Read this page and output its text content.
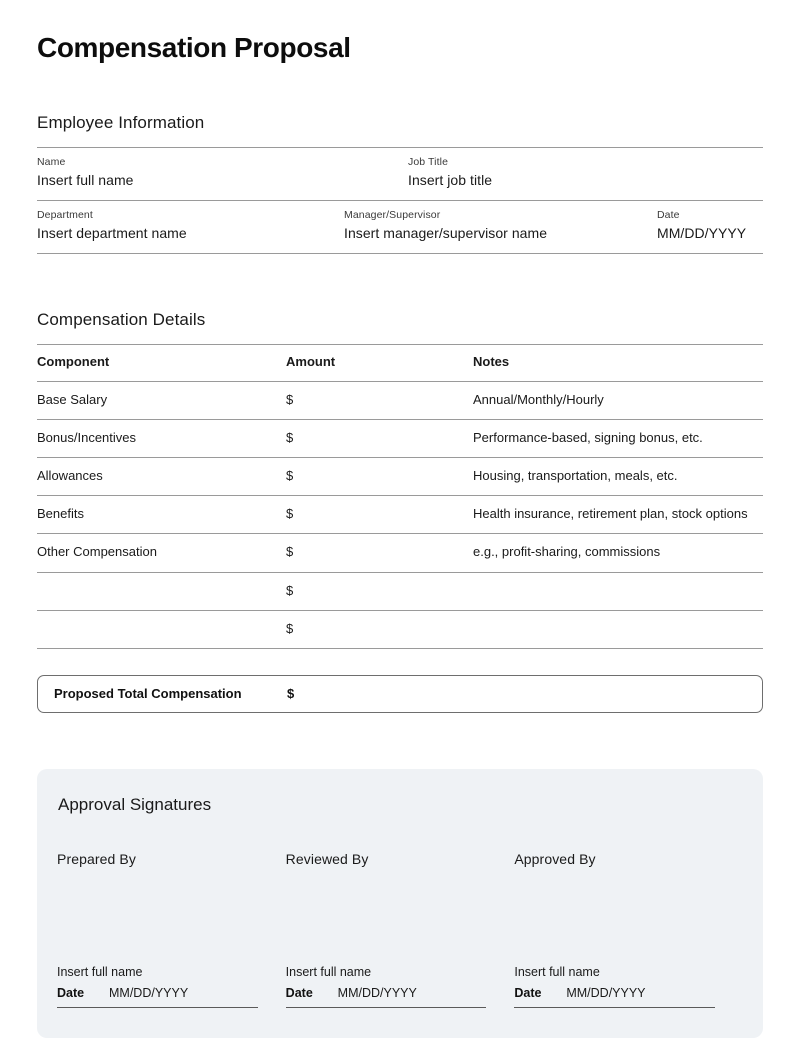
Compensation Proposal
Employee Information
Name
Insert full name
Job Title
Insert job title
Department
Insert department name
Manager/Supervisor
Insert manager/supervisor name
Date
MM/DD/YYYY
Compensation Details
Component	Amount	Notes
Base Salary	$	Annual/Monthly/Hourly
Bonus/Incentives	$	Performance-based, signing bonus, etc.
Allowances	$	Housing, transportation, meals, etc.
Benefits	$	Health insurance, retirement plan, stock options
Other Compensation	$	e.g., profit-sharing, commissions
	$	
	$	
Proposed Total Compensation	$
Approval Signatures
Prepared By
Insert full name
Date	MM/DD/YYYY
Reviewed By
Insert full name
Date	MM/DD/YYYY
Approved By
Insert full name
Date	MM/DD/YYYY
